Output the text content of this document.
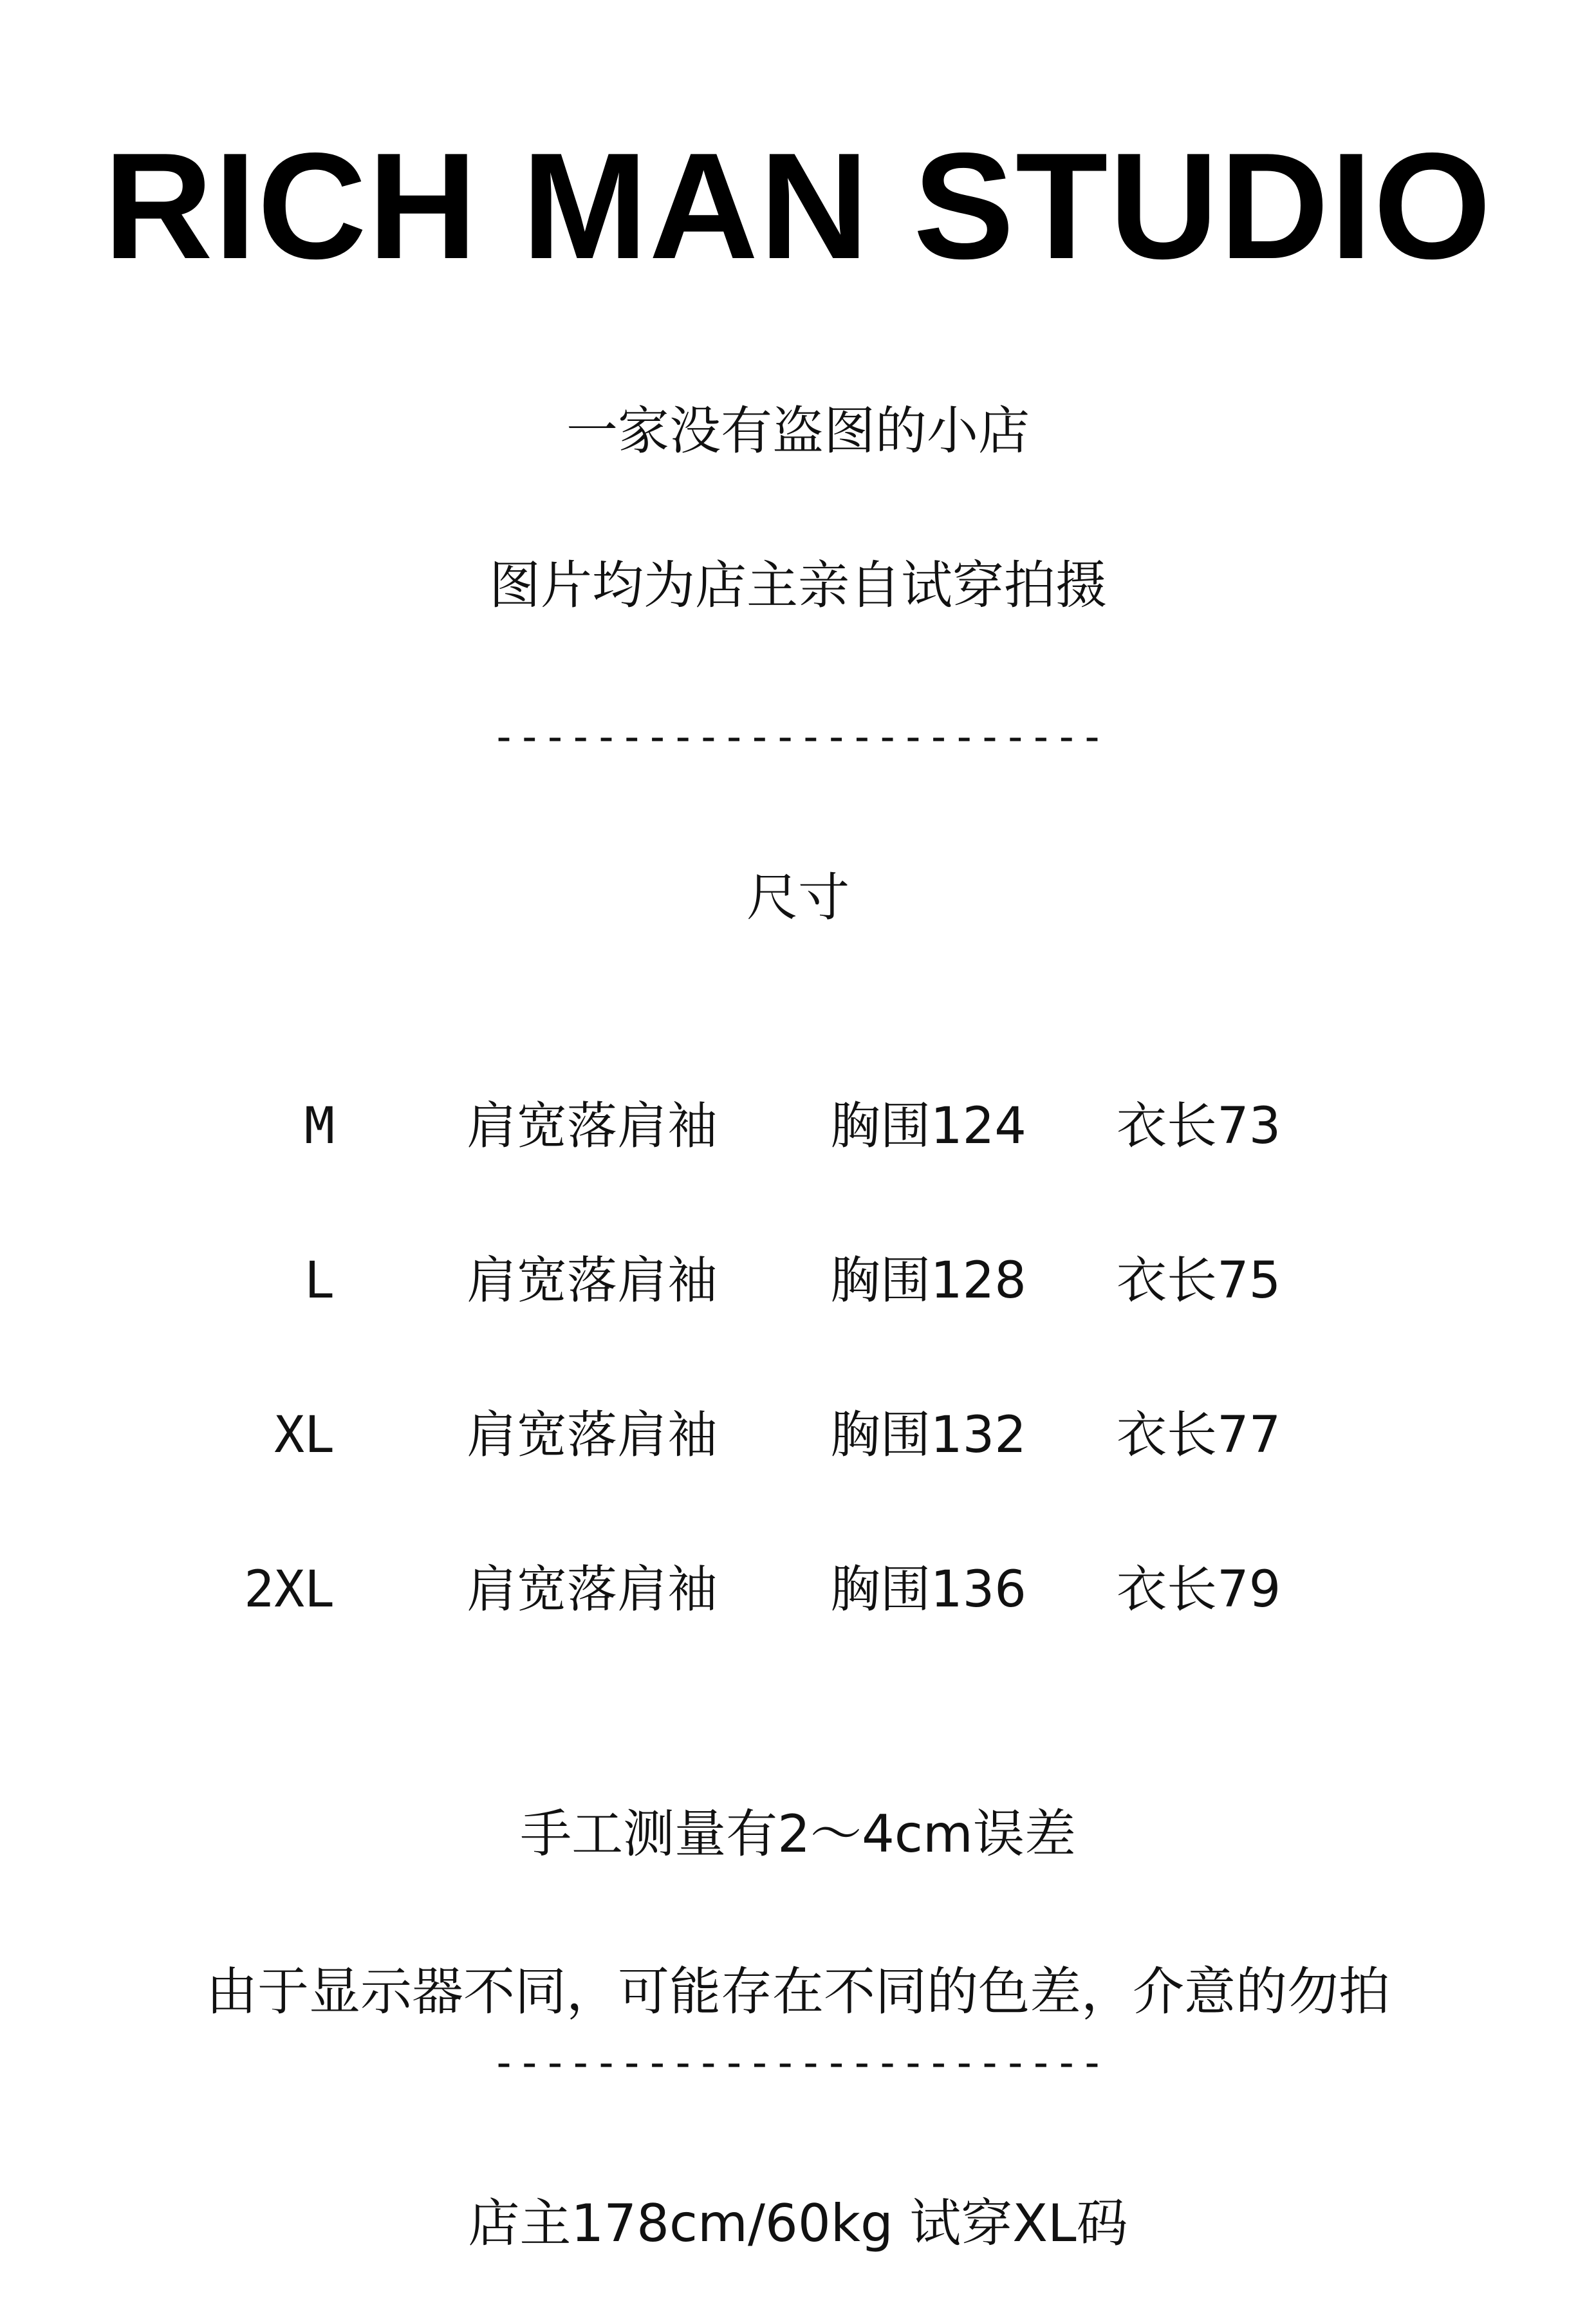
RICH MAN STUDIO
一家没有盗图的小店
图片均为店主亲自试穿拍摄
------------------------
尺寸
M	肩宽落肩袖 胸围124 衣长73
L	肩宽落肩袖 胸围128 衣长75
XL	肩宽落肩袖 胸围132 衣长77
2XL	肩宽落肩袖 胸围136 衣长79
手工测量有2～4cm误差
由于显示器不同，可能存在不同的色差，介意的勿拍
------------------------
店主178cm/60kg 试穿XL码
